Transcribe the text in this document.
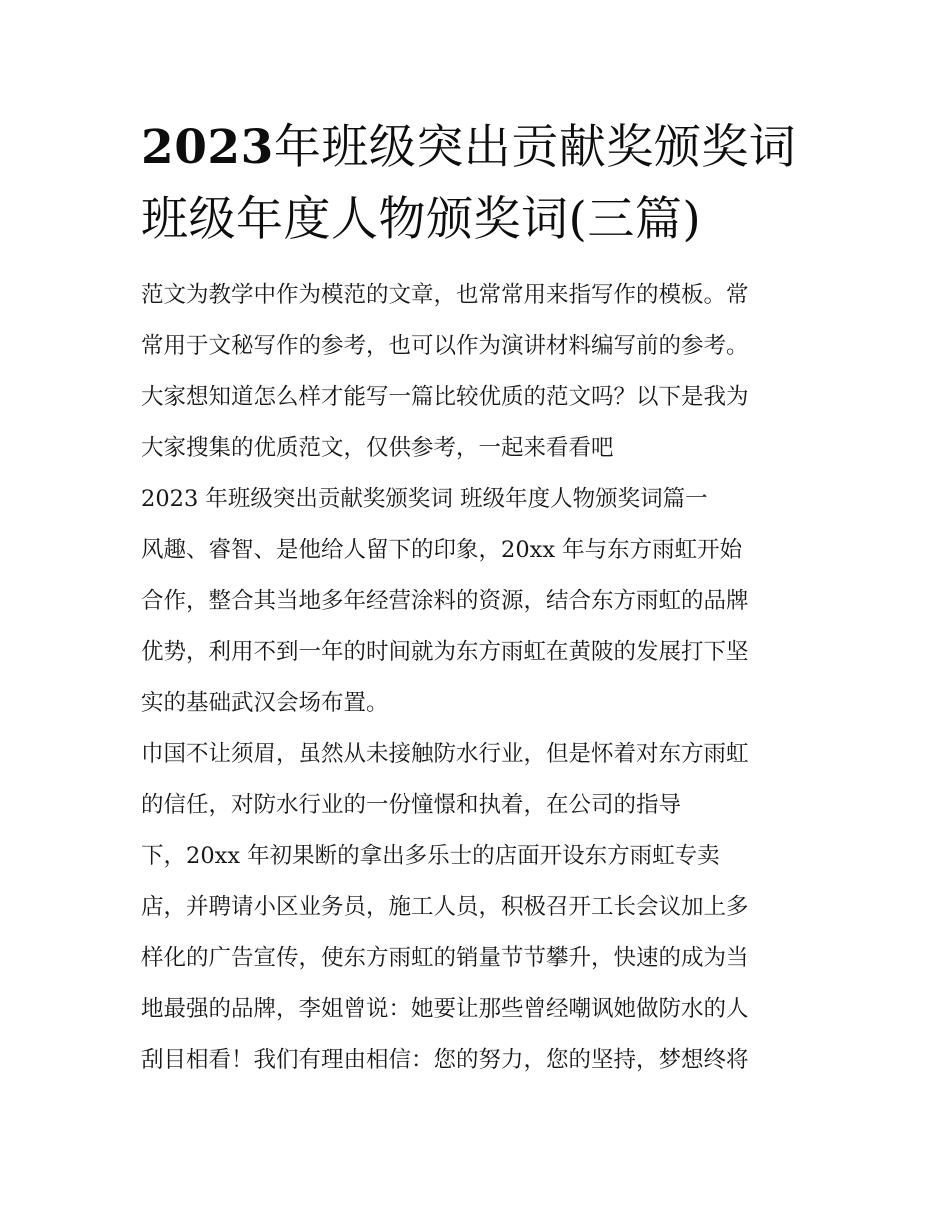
2023年班级突出贡献奖颁奖词
班级年度人物颁奖词(三篇)

范文为教学中作为模范的文章，也常常用来指写作的模板。常
常用于文秘写作的参考，也可以作为演讲材料编写前的参考。
大家想知道怎么样才能写一篇比较优质的范文吗？以下是我为
大家搜集的优质范文，仅供参考，一起来看看吧

2023 年班级突出贡献奖颁奖词 班级年度人物颁奖词篇一

风趣、睿智、是他给人留下的印象，20xx 年与东方雨虹开始
合作，整合其当地多年经营涂料的资源，结合东方雨虹的品牌
优势，利用不到一年的时间就为东方雨虹在黄陂的发展打下坚
实的基础武汉会场布置。

巾国不让须眉，虽然从未接触防水行业，但是怀着对东方雨虹
的信任，对防水行业的一份憧憬和执着，在公司的指导
下，20xx 年初果断的拿出多乐士的店面开设东方雨虹专卖
店，并聘请小区业务员，施工人员，积极召开工长会议加上多
样化的广告宣传，使东方雨虹的销量节节攀升，快速的成为当
地最强的品牌，李姐曾说：她要让那些曾经嘲讽她做防水的人
刮目相看！我们有理由相信：您的努力，您的坚持，梦想终将
